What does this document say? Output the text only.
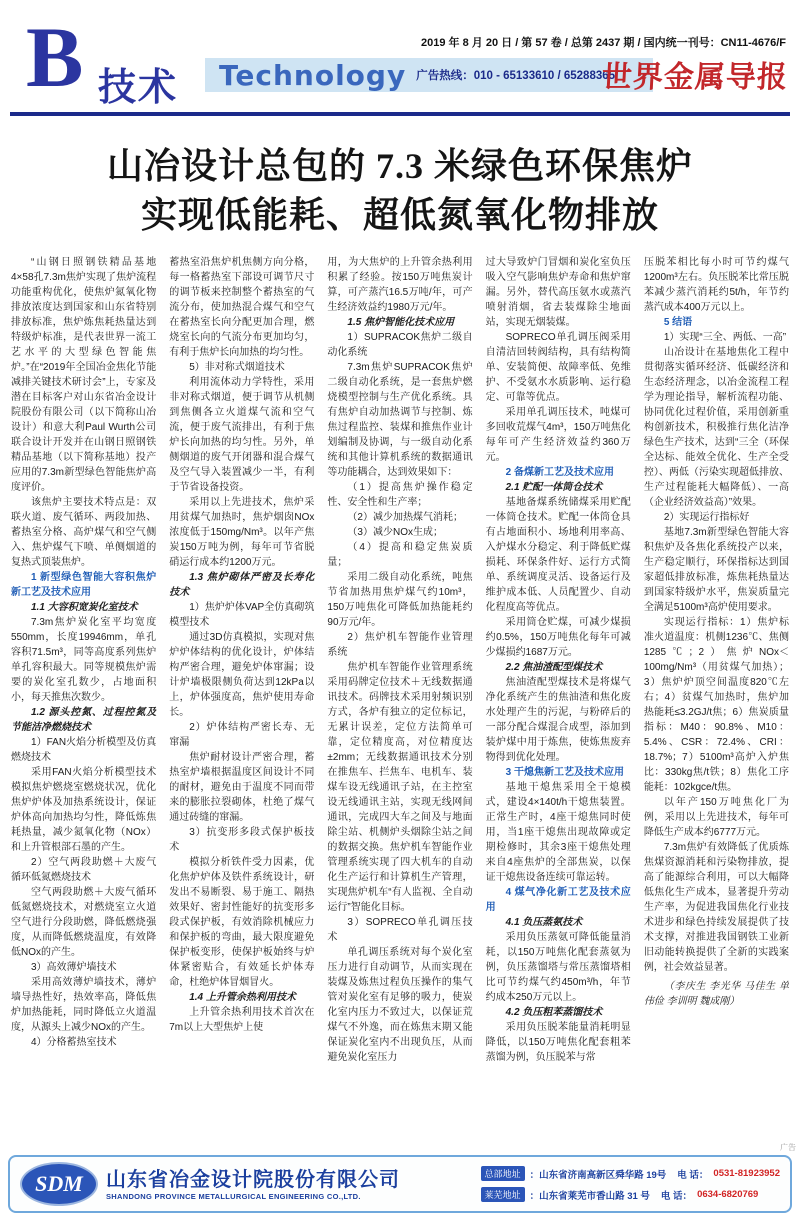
B 技术 Technology 广告热线：010 - 65133610 / 65288365
2019 年 8 月 20 日 / 第 57 卷 / 总第 2437 期 / 国内统一刊号：CN11-4676/F
世界金属导报
山冶设计总包的 7.3 米绿色环保焦炉
实现低能耗、超低氮氧化物排放
“山钢日照钢铁精品基地4×58孔7.3m焦炉实现了焦炉流程功能重构优化，使焦炉氮氧化物排放浓度达到国家和山东省特别排放标准，焦炉炼焦耗热量达到特级炉标准，是代表世界一流工艺水平的大型绿色智能焦炉。”在“2019年全国冶金焦化节能减排关键技术研讨会”上，专家及潜在目标客户对山东省冶金设计院股份有限公司（以下简称山冶设计）和意大利Paul Wurth公司联合设计开发并在山钢日照钢铁精品基地（以下简称基地）投产应用的7.3m新型绿色智能焦炉高度评价。
该焦炉主要技术特点是：双联火道、废气循环、两段加热、蓄热室分格、高炉煤气和空气侧入、焦炉煤气下喷、单侧烟道的复热式顶装焦炉。
1 新型绿色智能大容积焦炉新工艺及技术应用
1.1 大容积宽炭化室技术
7.3m焦炉炭化室平均宽度550mm，长度19946mm，单孔容积71.5m³，同等高度系列焦炉单孔容积最大。同等规模焦炉需要的炭化室孔数少，占地面积小，每天推焦次数少。
1.2 源头控氮、过程控氮及节能洁净燃烧技术
1）FAN火焰分析模型及仿真燃烧技术
采用FAN火焰分析模型技术模拟焦炉燃烧室燃烧状况，优化焦炉炉体及加热系统设计，保证炉体高向加热均匀性，降低炼焦耗热量，减少氮氧化物（NOx）和上升管根部石墨的产生。
2）空气两段助燃＋大废气循环低氮燃烧技术
空气两段助燃＋大废气循环低氮燃烧技术，对燃烧室立火道空气进行分段助燃，降低燃烧强度，从而降低燃烧温度，有效降低NOx的产生。
3）高效薄炉墙技术
采用高效薄炉墙技术，薄炉墙导热性好，热效率高，降低焦炉加热能耗，同时降低立火道温度，从源头上减少NOx的产生。
4）分格蓄热室技术
蓄热室沿焦炉机焦侧方向分格，每一格蓄热室下部设可调节尺寸的调节板来控制整个蓄热室的气流分布，使加热混合煤气和空气在蓄热室长向分配更加合理，燃烧室长向的气流分布更加均匀，有利于焦炉长向加热的均匀性。
5）非对称式烟道技术
利用流体动力学特性，采用非对称式烟道，便于调节从机侧到焦侧各立火道煤气流和空气流，便于废气流排出，有利于焦炉长向加热的均匀性。另外，单侧烟道的废气开闭器和混合煤气及空气导入装置减少一半，有利于节省设备投资。
采用以上先进技术，焦炉采用贫煤气加热时，焦炉烟囱NOx浓度低于150mg/Nm³。以年产焦炭150万吨为例，每年可节省脱硝运行成本约1200万元。
1.3 焦炉砌体严密及长寿化技术
1）焦炉炉体VAP全仿真砌筑模型技术
通过3D仿真模拟，实现对焦炉炉体结构的优化设计，炉体结构严密合理，避免炉体窜漏；设计炉墙极限侧负荷达到12kPa以上，炉体强度高，焦炉使用寿命长。
2）炉体结构严密长寿、无窜漏
焦炉耐材设计严密合理，蓄热室炉墙根据温度区间设计不同的耐材，避免由于温度不同而带来的膨胀拉裂砌体，杜绝了煤气通过砖缝的窜漏。
3）抗变形多段式保护板技术
模拟分析铁件受力因素，优化焦炉炉体及铁件系统设计，研发出不易断裂、易于施工、隔热效果好、密封性能好的抗变形多段式保护板，有效消除机械应力和保护板的弯曲，最大限度避免保护板变形，使保护板始终与炉体紧密贴合，有效延长炉体寿命，杜绝炉体冒烟冒火。
1.4 上升管余热利用技术
上升管余热利用技术首次在7m以上大型焦炉上使
用，为大焦炉的上升管余热利用积累了经验。按150万吨焦炭计算，可产蒸汽16.5万吨/年，可产生经济效益约1980万元/年。
1.5 焦炉智能化技术应用
1）SUPRACOK焦炉二级自动化系统
7.3m焦炉SUPRACOK焦炉二级自动化系统，是一套焦炉燃烧模型控制与生产优化系统。具有焦炉自动加热调节与控制、炼焦过程监控、装煤和推焦作业计划编制及协调，与一级自动化系统和其他计算机系统的数据通讯等功能耦合，达到效果如下：
（1）提高焦炉操作稳定性、安全性和生产率；
（2）减少加热煤气消耗；
（3）减少NOx生成；
（4）提高和稳定焦炭质量；
采用二级自动化系统，吨焦节省加热用焦炉煤气约10m³，150万吨焦化可降低加热能耗约90万元/年。
2）焦炉机车智能作业管理系统
焦炉机车智能作业管理系统采用码牌定位技术＋无线数据通讯技术。码牌技术采用射频识别方式，各炉有独立的定位标记，无累计误差，定位方法简单可靠，定位精度高，对位精度达±2mm；无线数据通讯技术分别在推焦车、拦焦车、电机车、装煤车设无线通讯子站，在主控室设无线通讯主站，实现无线网间通讯，完成四大车之间及与地面除尘站、机侧炉头烟除尘站之间的数据交换。焦炉机车智能作业管理系统实现了四大机车的自动化生产运行和计算机生产管理，实现焦炉机车“有人监视、全自动运行”智能化目标。
3）SOPRECO单孔调压技术
单孔调压系统对每个炭化室压力进行自动调节，从而实现在装煤及炼焦过程负压操作的集气管对炭化室有足够的吸力，使炭化室内压力不致过大，以保证荒煤气不外逸，而在炼焦末期又能保证炭化室内不出现负压，从而避免炭化室压力
过大导致炉门冒烟和炭化室负压吸入空气影响焦炉寿命和焦炉窜漏。另外，替代高压氨水或蒸汽喷射消烟，省去装煤除尘地面站，实现无烟装煤。
SOPRECO单孔调压阀采用自清洁回转阀结构，具有结构简单、安装简便、故障率低、免维护、不受氨水水质影响、运行稳定、可靠等优点。
采用单孔调压技术，吨煤可多回收荒煤气4m³，150万吨焦化每年可产生经济效益约360万元。
2 备煤新工艺及技术应用
2.1 贮配一体筒仓技术
基地备煤系统储煤采用贮配一体筒仓技术。贮配一体筒仓具有占地面积小、场地利用率高、入炉煤水分稳定、利于降低贮煤损耗、环保条件好、运行方式简单、系统调度灵活、设备运行及维护成本低、人员配置少、自动化程度高等优点。
采用筒仓贮煤，可减少煤损约0.5%，150万吨焦化每年可减少煤损约1687万元。
2.2 焦油渣配型煤技术
焦油渣配型煤技术是将煤气净化系统产生的焦油渣和焦化废水处理产生的污泥，与粉碎后的一部分配合煤混合成型，添加到装炉煤中用于炼焦，使炼焦废弃物得到优化处理。
3 干熄焦新工艺及技术应用
基地干熄焦采用全干熄模式，建设4×140t/h干熄焦装置。正常生产时，4座干熄焦同时使用，当1座干熄焦出现故障或定期检修时，其余3座干熄焦处理来自4座焦炉的全部焦炭，以保证干熄焦设备连续可靠运转。
4 煤气净化新工艺及技术应用
4.1 负压蒸氨技术
采用负压蒸氨可降低能量消耗，以150万吨焦化配套蒸氨为例，负压蒸馏塔与常压蒸馏塔相比可节约煤气约450m³/h，年节约成本250万元以上。
4.2 负压粗苯蒸馏技术
采用负压脱苯能量消耗明显降低，以150万吨焦化配套粗苯蒸馏为例，负压脱苯与常
压脱苯相比每小时可节约煤气1200m³左右。负压脱苯比常压脱苯减少蒸汽消耗约5t/h，年节约蒸汽成本400万元以上。
5 结语
1）实现“三全、两低、一高”
山冶设计在基地焦化工程中贯彻落实循环经济、低碳经济和生态经济理念，以冶金流程工程学为理论指导，解析流程功能、协同优化过程价值，采用创新重构创新技术，积极推行焦化洁净绿色生产技术，达到“三全（环保全达标、能效全优化、生产全受控）、两低（污染实现超低排放、生产过程能耗大幅降低）、一高（企业经济效益高）”效果。
2）实现运行指标好
基地7.3m新型绿色智能大容积焦炉及各焦化系统投产以来，生产稳定顺行，环保指标达到国家超低排放标准，炼焦耗热量达到国家特级炉水平，焦炭质量完全满足5100m³高炉使用要求。
实现运行指标：1）焦炉标准火道温度：机侧1236℃、焦侧1285℃；2）焦炉NOx＜100mg/Nm³（用贫煤气加热）；3）焦炉炉顶空间温度820℃左右；4）贫煤气加热时，焦炉加热能耗≤3.2GJ/t焦；6）焦炭质量指标：M40：90.8%、M10：5.4%、CSR：72.4%、CRI：18.7%；7）5100m³高炉入炉焦比：330kg焦/t铁；8）焦化工序能耗：102kgce/t焦。
以年产150万吨焦化厂为例，采用以上先进技术，每年可降低生产成本约6777万元。
7.3m焦炉有效降低了优质炼焦煤资源消耗和污染物排放，提高了能源综合利用，可以大幅降低焦化生产成本，显著提升劳动生产率，为促进我国焦化行业技术进步和绿色持续发展提供了技术支撑，对推进我国钢铁工业新旧动能转换提供了全新的实践案例，社会效益显著。
（李庆生 李光华 马佳生 单伟俭 李训明 魏成刚）
广告
SDM	山东省冶金设计院股份有限公司
SHANDONG PROVINCE METALLURGICAL ENGINEERING CO.,LTD.
总部地址 ：山东省济南高新区舜华路 19号 电 话： 0531-81923952
莱芜地址 ：山东省莱芜市香山路 31 号 电 话： 0634-6820769
